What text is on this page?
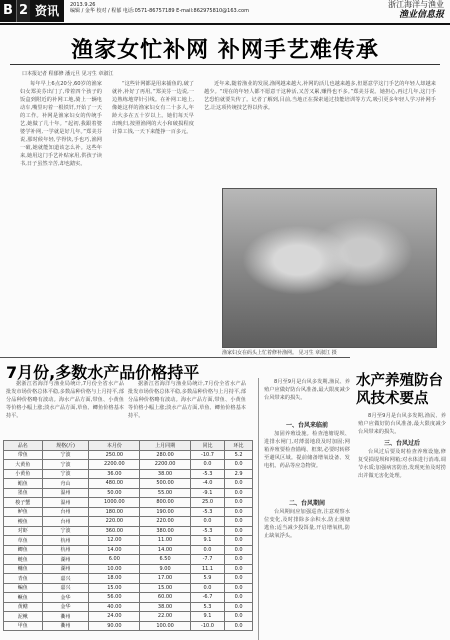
B 2 资讯	2013.9.26
编辑 / 金华 校对 / 程郁 电话:0571-86757189 E-mail:862975810@163.com
浙江海洋与渔业
渔业信息报
渔家女忙补网 补网手艺难传承
口本报记者 程郁修 潘元旦 见习生 章淑江
每年早上6点20分,60岁的渔家妇女郑美芬出门了,带着四个孩子的饭盒到附近的补网工地,骑上一辆电动车,嘴里叼着一根铁钎,开始了一天的工作。补网是渔家妇女的传统手艺,她做了几十年。“起初,我跟着婆婆学补网,一学就是好几年。”郑美芬说,那时候年轻,学得快,手也巧,渔网一破,她就能知道该怎么补。这些年来,她用这门手艺补贴家用,供孩子读书,日子虽然辛苦,却也踏实。
“这些针网都是用来捕鱼的,破了就补,补好了再用。”郑美芬一边说,一边熟练地穿针引线。在补网工地上,像她这样的渔家妇女有二十多人,年龄大多在五十岁以上。她们每天早出晚归,按照渔网的大小和破损程度计算工钱,一天下来能挣一百多元。
近年来,随着渔业的发展,渔网越来越大,补网的活儿也越来越多,但愿意学这门手艺的年轻人却越来越少。“现在的年轻人都不愿意干这种活,又苦又累,赚得也不多。”郑美芬说。她担心,再过几年,这门手艺恐怕就要失传了。记者了解到,目前,当地正在探索通过技能培训等方式,吸引更多年轻人学习补网手艺,让这项传统技艺得以传承。
渔家妇女在码头上忙着修补渔网。 见习生 章淑江 摄
7月份,多数水产品价格持平
据浙江省海洋与渔业局统计,7月份全省水产品批发市场价格总体平稳,多数品种价格与上月持平,部分品种价格略有波动。海水产品方面,带鱼、小黄鱼等价格小幅上涨;淡水产品方面,草鱼、鲫鱼价格基本持平。
据浙江省海洋与渔业局统计,7月份全省水产品批发市场价格总体平稳,多数品种价格与上月持平,部分品种价格略有波动。海水产品方面,带鱼、小黄鱼等价格小幅上涨;淡水产品方面,草鱼、鲫鱼价格基本持平。
品名	规格(斤)	本月份	上月同期	同比	环比
带鱼	宁波	250.00	280.00	-10.7	5.2
大黄鱼	宁波	2200.00	2200.00	0.0	0.0
小黄鱼	宁波	36.00	38.00	-5.3	2.9
鲳鱼	舟山	480.00	500.00	-4.0	0.0
墨鱼	温州	50.00	55.00	-9.1	0.0
梭子蟹	温州	1000.00	800.00	25.0	0.0
鲈鱼	台州	180.00	190.00	-5.3	0.0
鳗鱼	台州	220.00	220.00	0.0	0.0
对虾	宁波	360.00	380.00	-5.3	0.0
草鱼	杭州	12.00	11.00	9.1	0.0
鲫鱼	杭州	14.00	14.00	0.0	0.0
鲢鱼	湖州	6.00	6.50	-7.7	0.0
鳙鱼	湖州	10.00	9.00	11.1	0.0
青鱼	嘉兴	18.00	17.00	5.9	0.0
鳊鱼	嘉兴	15.00	15.00	0.0	0.0
鳜鱼	金华	56.00	60.00	-6.7	0.0
黄鳝	金华	40.00	38.00	5.3	0.0
泥鳅	衢州	24.00	22.00	9.1	0.0
甲鱼	衢州	90.00	100.00	-10.0	0.0
水产养殖防台风技术要点
8月至9月是台风多发期,渔民、养殖户应做好防台风准备,最大限度减少台风带来的损失。
一、台风来临前
加固养殖设施。检查池塘堤坝、进排水闸门,对薄弱地段及时加固;网箱养殖要检查锚绳、框架,必要时转移至避风区域。提前储备增氧设备、发电机、药品等应急物资。
二、台风期间
台风期间应加强巡查,注意观察水位变化,及时排除多余积水,防止漫塘逃鱼;适当减少投饵量,开启增氧机,防止缺氧浮头。
8月至9月是台风多发期,渔民、养殖户应做好防台风准备,最大限度减少台风带来的损失。
三、台风过后
台风过后要及时检查养殖设施,修复受损堤坝和网箱;对水体进行消毒,调节水质;加强病害防治,发现死鱼及时捞出并做无害化处理。
